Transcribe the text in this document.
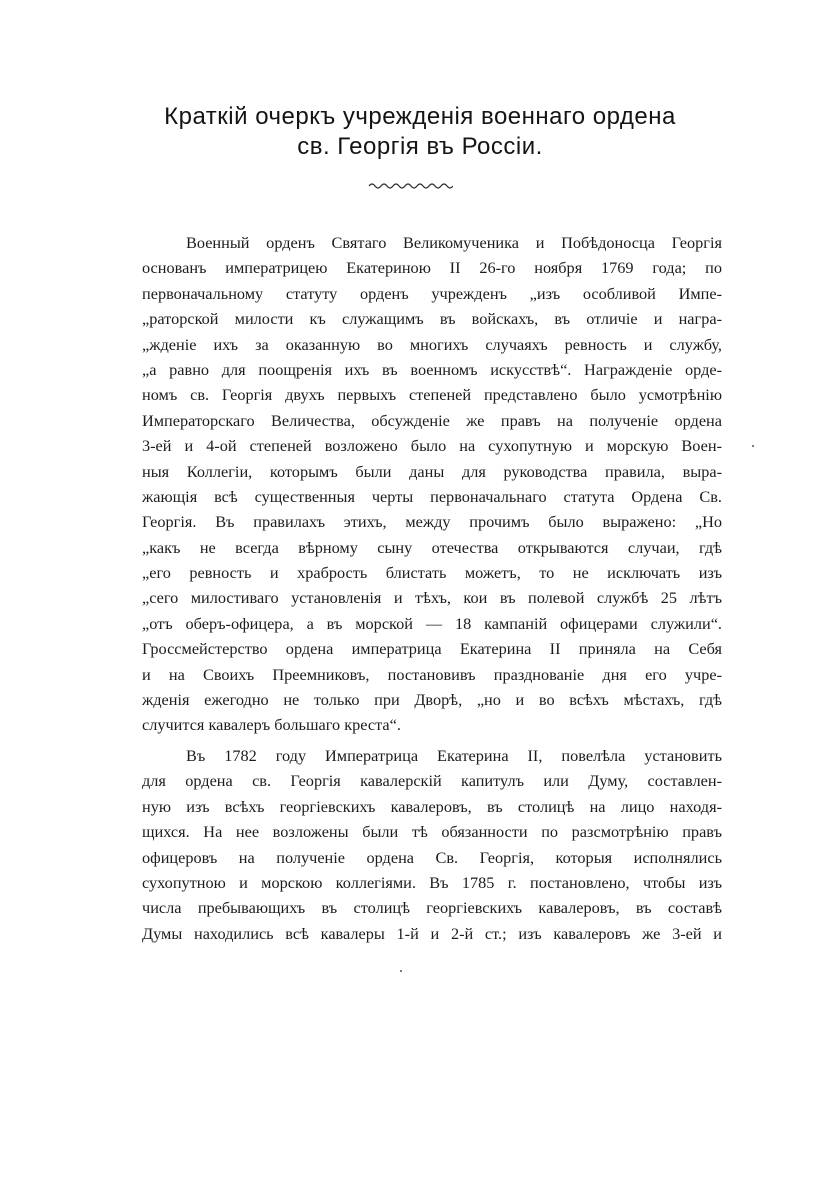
Краткій очеркъ учрежденія военнаго ордена
св. Георгія въ Россіи.
Военный орденъ Святаго Великомученика и Побѣдоносца Георгія
основанъ императрицею Екатериною II 26-го ноября 1769 года; по
первоначальному статуту орденъ учрежденъ „изъ особливой Импе-
„раторской милости къ служащимъ въ войскахъ, въ отличіе и награ-
„жденіе ихъ за оказанную во многихъ случаяхъ ревность и службу,
„а равно для поощренія ихъ въ военномъ искусствѣ“. Награжденіе орде-
номъ св. Георгія двухъ первыхъ степеней представлено было усмотрѣнію
Императорскаго Величества, обсужденіе же правъ на полученіе ордена
3-ей и 4-ой степеней возложено было на сухопутную и морскую Воен-
ныя Коллегіи, которымъ были даны для руководства правила, выра-
жающія всѣ существенныя черты первоначальнаго статута Ордена Св.
Георгія. Въ правилахъ этихъ, между прочимъ было выражено: „Но
„какъ не всегда вѣрному сыну отечества открываются случаи, гдѣ
„его ревность и храбрость блистать можетъ, то не исключать изъ
„сего милостиваго установленія и тѣхъ, кои въ полевой службѣ 25 лѣтъ
„отъ оберъ-офицера, а въ морской — 18 кампаній офицерами служили“.
Гроссмейстерство ордена императрица Екатерина II приняла на Себя
и на Своихъ Преемниковъ, постановивъ празднованіе дня его учре-
жденія ежегодно не только при Дворѣ, „но и во всѣхъ мѣстахъ, гдѣ
случится кавалеръ большаго креста“.
Въ 1782 году Императрица Екатерина II, повелѣла установить
для ордена св. Георгія кавалерскій капитулъ или Думу, составлен-
ную изъ всѣхъ георгіевскихъ кавалеровъ, въ столицѣ на лицо находя-
щихся. На нее возложены были тѣ обязанности по разсмотрѣнію правъ
офицеровъ на полученіе ордена Св. Георгія, которыя исполнялись
сухопутною и морскою коллегіями. Въ 1785 г. постановлено, чтобы изъ
числа пребывающихъ въ столицѣ георгіевскихъ кавалеровъ, въ составѣ
Думы находились всѣ кавалеры 1-й и 2-й ст.; изъ кавалеровъ же 3-ей и
